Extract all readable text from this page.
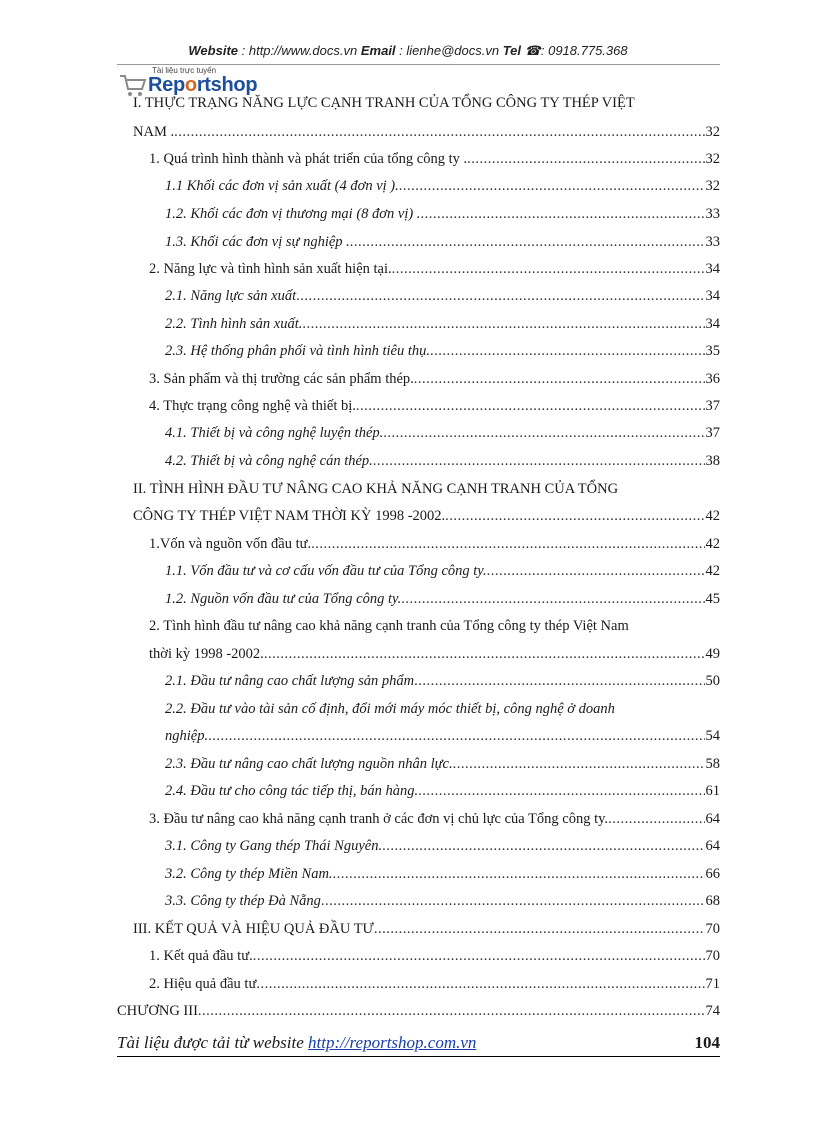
Website : http://www.docs.vn Email : lienhe@docs.vn Tel ☎: 0918.775.368
Tài liệu trực tuyến
Reportshop
I. THỰC TRẠNG NĂNG LỰC CẠNH TRANH CỦA TỔNG CÔNG TY THÉP VIỆT
NAM . .....	32
1. Quá trình hình thành và phát triển của tổng công ty . .....	32
1.1 Khối các đơn vị sản xuất (4 đơn vị ). .....	32
1.2. Khối các đơn vị thương mại (8 đơn vị) . .....	33
1.3. Khối các đơn vị sự nghiệp . .....	33
2. Năng lực và tình hình sản xuất hiện tại. .....	34
2.1. Năng lực sản xuất .....	34
2.2. Tình hình sản xuất. .....	34
2.3. Hệ thống phân phối và tình hình tiêu thụ. .....	35
3. Sản phẩm và thị trường các sản phẩm thép. .....	36
4. Thực trạng công nghệ và thiết bị. .....	37
4.1. Thiết bị và công nghệ luyện thép. .....	37
4.2. Thiết bị và công nghệ cán thép. .....	38
II. TÌNH HÌNH ĐẦU TƯ NÂNG CAO KHẢ NĂNG CẠNH TRANH CỦA TỔNG
CÔNG TY THÉP VIỆT NAM THỜI KỲ 1998 -2002. .....	42
1.Vốn và nguồn vốn đầu tư. .....	42
1.1. Vốn đầu tư và cơ cấu vốn đầu tư của Tổng công ty. .....	42
1.2. Nguồn vốn đầu tư của Tổng công ty. .....	45
2. Tình hình đầu tư nâng cao khả năng cạnh tranh của Tổng công ty thép Việt Nam
thời kỳ 1998 -2002. .....	49
2.1. Đầu tư nâng cao chất lượng sản phẩm .....	50
2.2. Đầu tư vào tài sản cố định, đổi mới máy móc thiết bị, công nghệ ở doanh
nghiệp. .....	54
2.3. Đầu tư nâng cao chất lượng nguồn nhân lực. .....	58
2.4. Đầu tư cho công tác tiếp thị, bán hàng. .....	61
3. Đầu tư nâng cao khả năng cạnh tranh ở các đơn vị chủ lực của Tổng công ty. .....	64
3.1. Công ty Gang thép Thái Nguyên. .....	64
3.2. Công ty thép Miền Nam. .....	66
3.3. Công ty thép Đà Nẵng .....	68
III. KẾT QUẢ VÀ HIỆU QUẢ ĐẦU TƯ .....	70
1. Kết quả đầu tư. .....	70
2. Hiệu quả đầu tư .....	71
CHƯƠNG III .....	74
Tài liệu được tải từ website http://reportshop.com.vn	104
